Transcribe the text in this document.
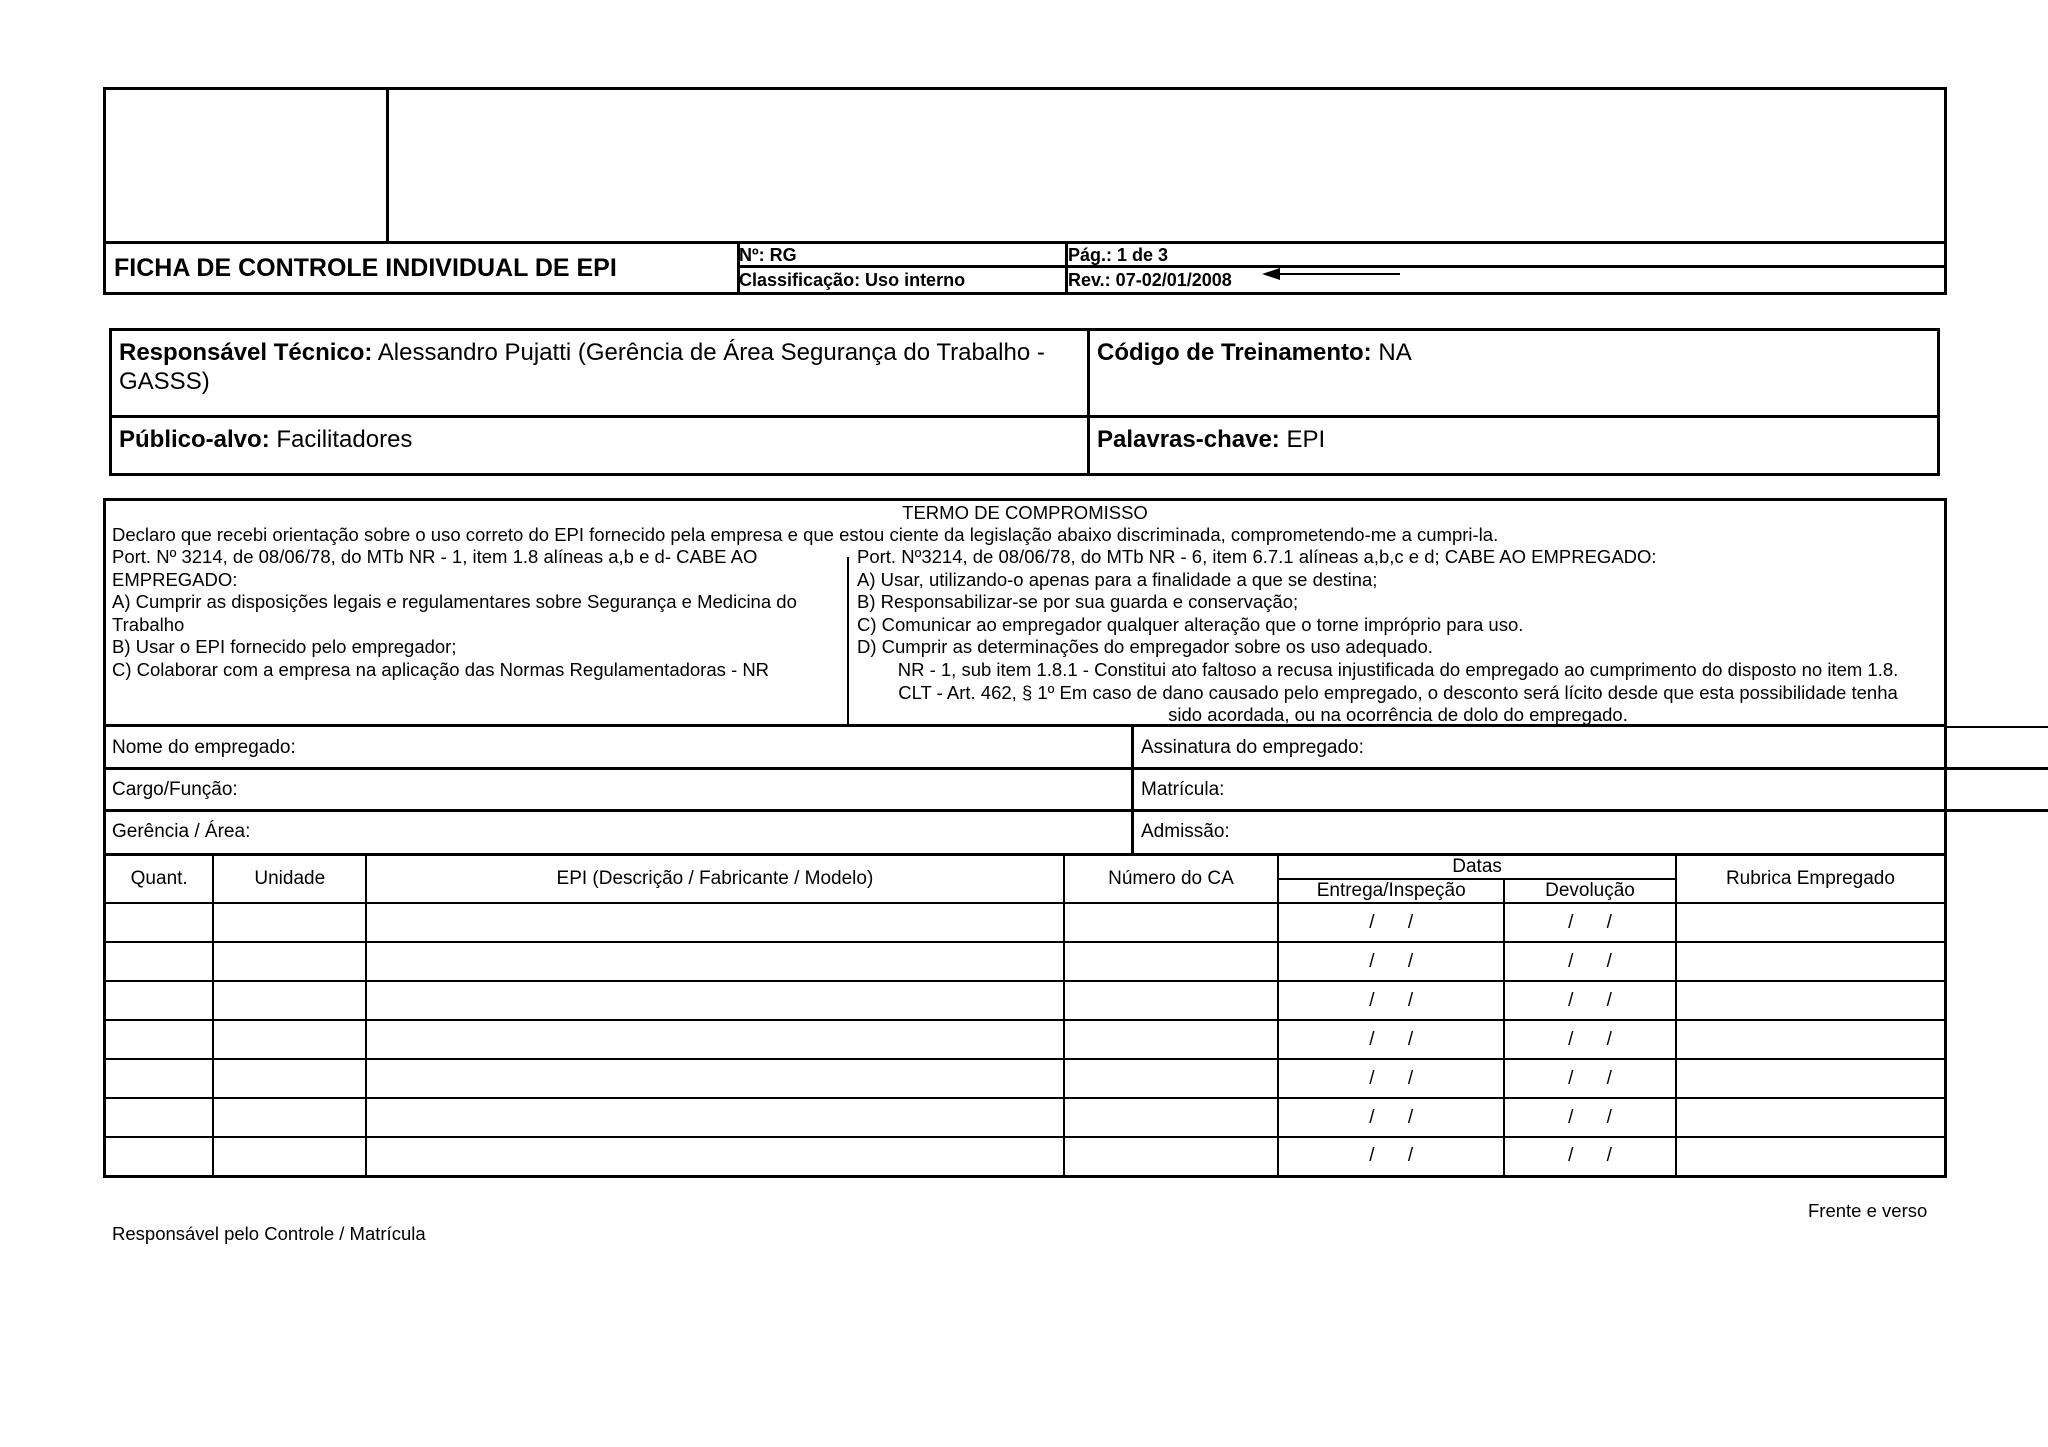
FICHA DE CONTROLE INDIVIDUAL DE EPI	Nº: RG
Classificação: Uso interno
Pág.: 1 de 3
Rev.: 07-02/01/2008
Responsável Técnico: Alessandro Pujatti (Gerência de Área Segurança do Trabalho - GASSS)
Código de Treinamento: NA
Público-alvo: Facilitadores	Palavras-chave: EPI
TERMO DE COMPROMISSO
Declaro que recebi orientação sobre o uso correto do EPI fornecido pela empresa e que estou ciente da legislação abaixo discriminada, comprometendo-me a cumpri-la.
Port. Nº 3214, de 08/06/78, do MTb NR - 1, item 1.8 alíneas a,b e d- CABE AO
EMPREGADO:
A) Cumprir as disposições legais e regulamentares sobre Segurança e Medicina do
Trabalho
B) Usar o EPI fornecido pelo empregador;
C) Colaborar com a empresa na aplicação das Normas Regulamentadoras - NR
Port. Nº3214, de 08/06/78, do MTb NR - 6, item 6.7.1 alíneas a,b,c e d; CABE AO EMPREGADO:
A) Usar, utilizando-o apenas para a finalidade a que se destina;
B) Responsabilizar-se por sua guarda e conservação;
C) Comunicar ao empregador qualquer alteração que o torne impróprio para uso.
D) Cumprir as determinações do empregador sobre os uso adequado.
NR - 1, sub item 1.8.1 - Constitui ato faltoso a recusa injustificada do empregado ao cumprimento do disposto no item 1.8.
CLT - Art. 462, § 1º Em caso de dano causado pelo empregado, o desconto será lícito desde que esta possibilidade tenha
sido acordada, ou na ocorrência de dolo do empregado.
Nome do empregado:	Assinatura do empregado:
Cargo/Função:	Matrícula:
Gerência / Área:	Admissão:
Quant.	Unidade	EPI (Descrição / Fabricante / Modelo)	Número do CA	Datas		Rubrica Empregado
				Entrega/Inspeção	Devolução	
				/ /	/ /	
				/ /	/ /	
				/ /	/ /	
				/ /	/ /	
				/ /	/ /	
				/ /	/ /	
				/ /	/ /	
Frente e verso
Responsável pelo Controle / Matrícula
